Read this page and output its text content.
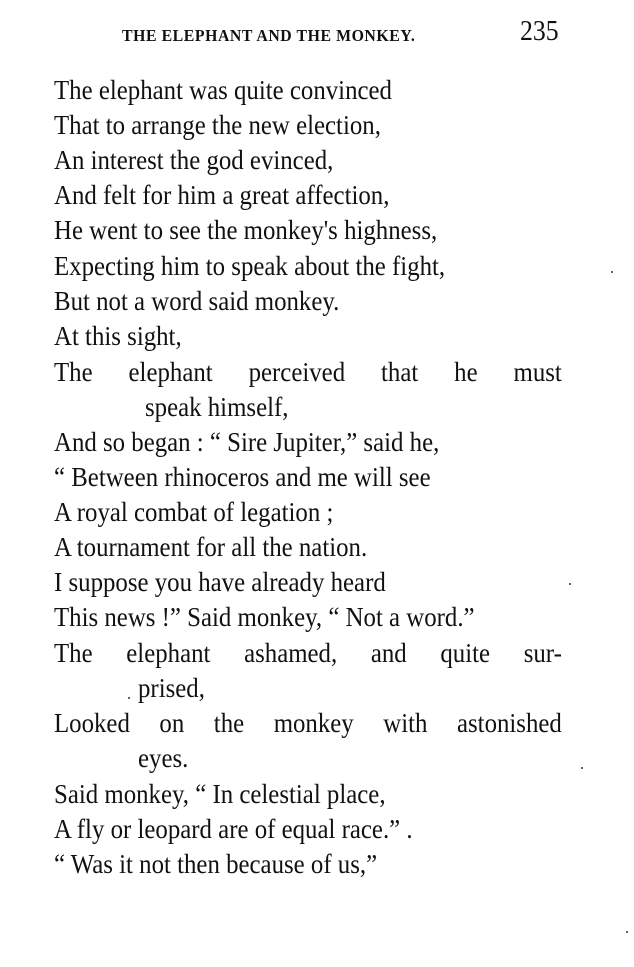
THE ELEPHANT AND THE MONKEY.	235
The elephant was quite convinced
That to arrange the new election,
An interest the god evinced,
And felt for him a great affection,
He went to see the monkey's highness,
Expecting him to speak about the fight,
But not a word said monkey.
At this sight,
The elephant perceived that he must
speak himself,
And so began : “ Sire Jupiter,” said he,
“ Between rhinoceros and me will see
A royal combat of legation ;
A tournament for all the nation.
I suppose you have already heard
This news !” Said monkey, “ Not a word.”
The elephant ashamed, and quite sur-
prised,
Looked on the monkey with astonished
eyes.
Said monkey, “ In celestial place,
A fly or leopard are of equal race.” .
“ Was it not then because of us,”
